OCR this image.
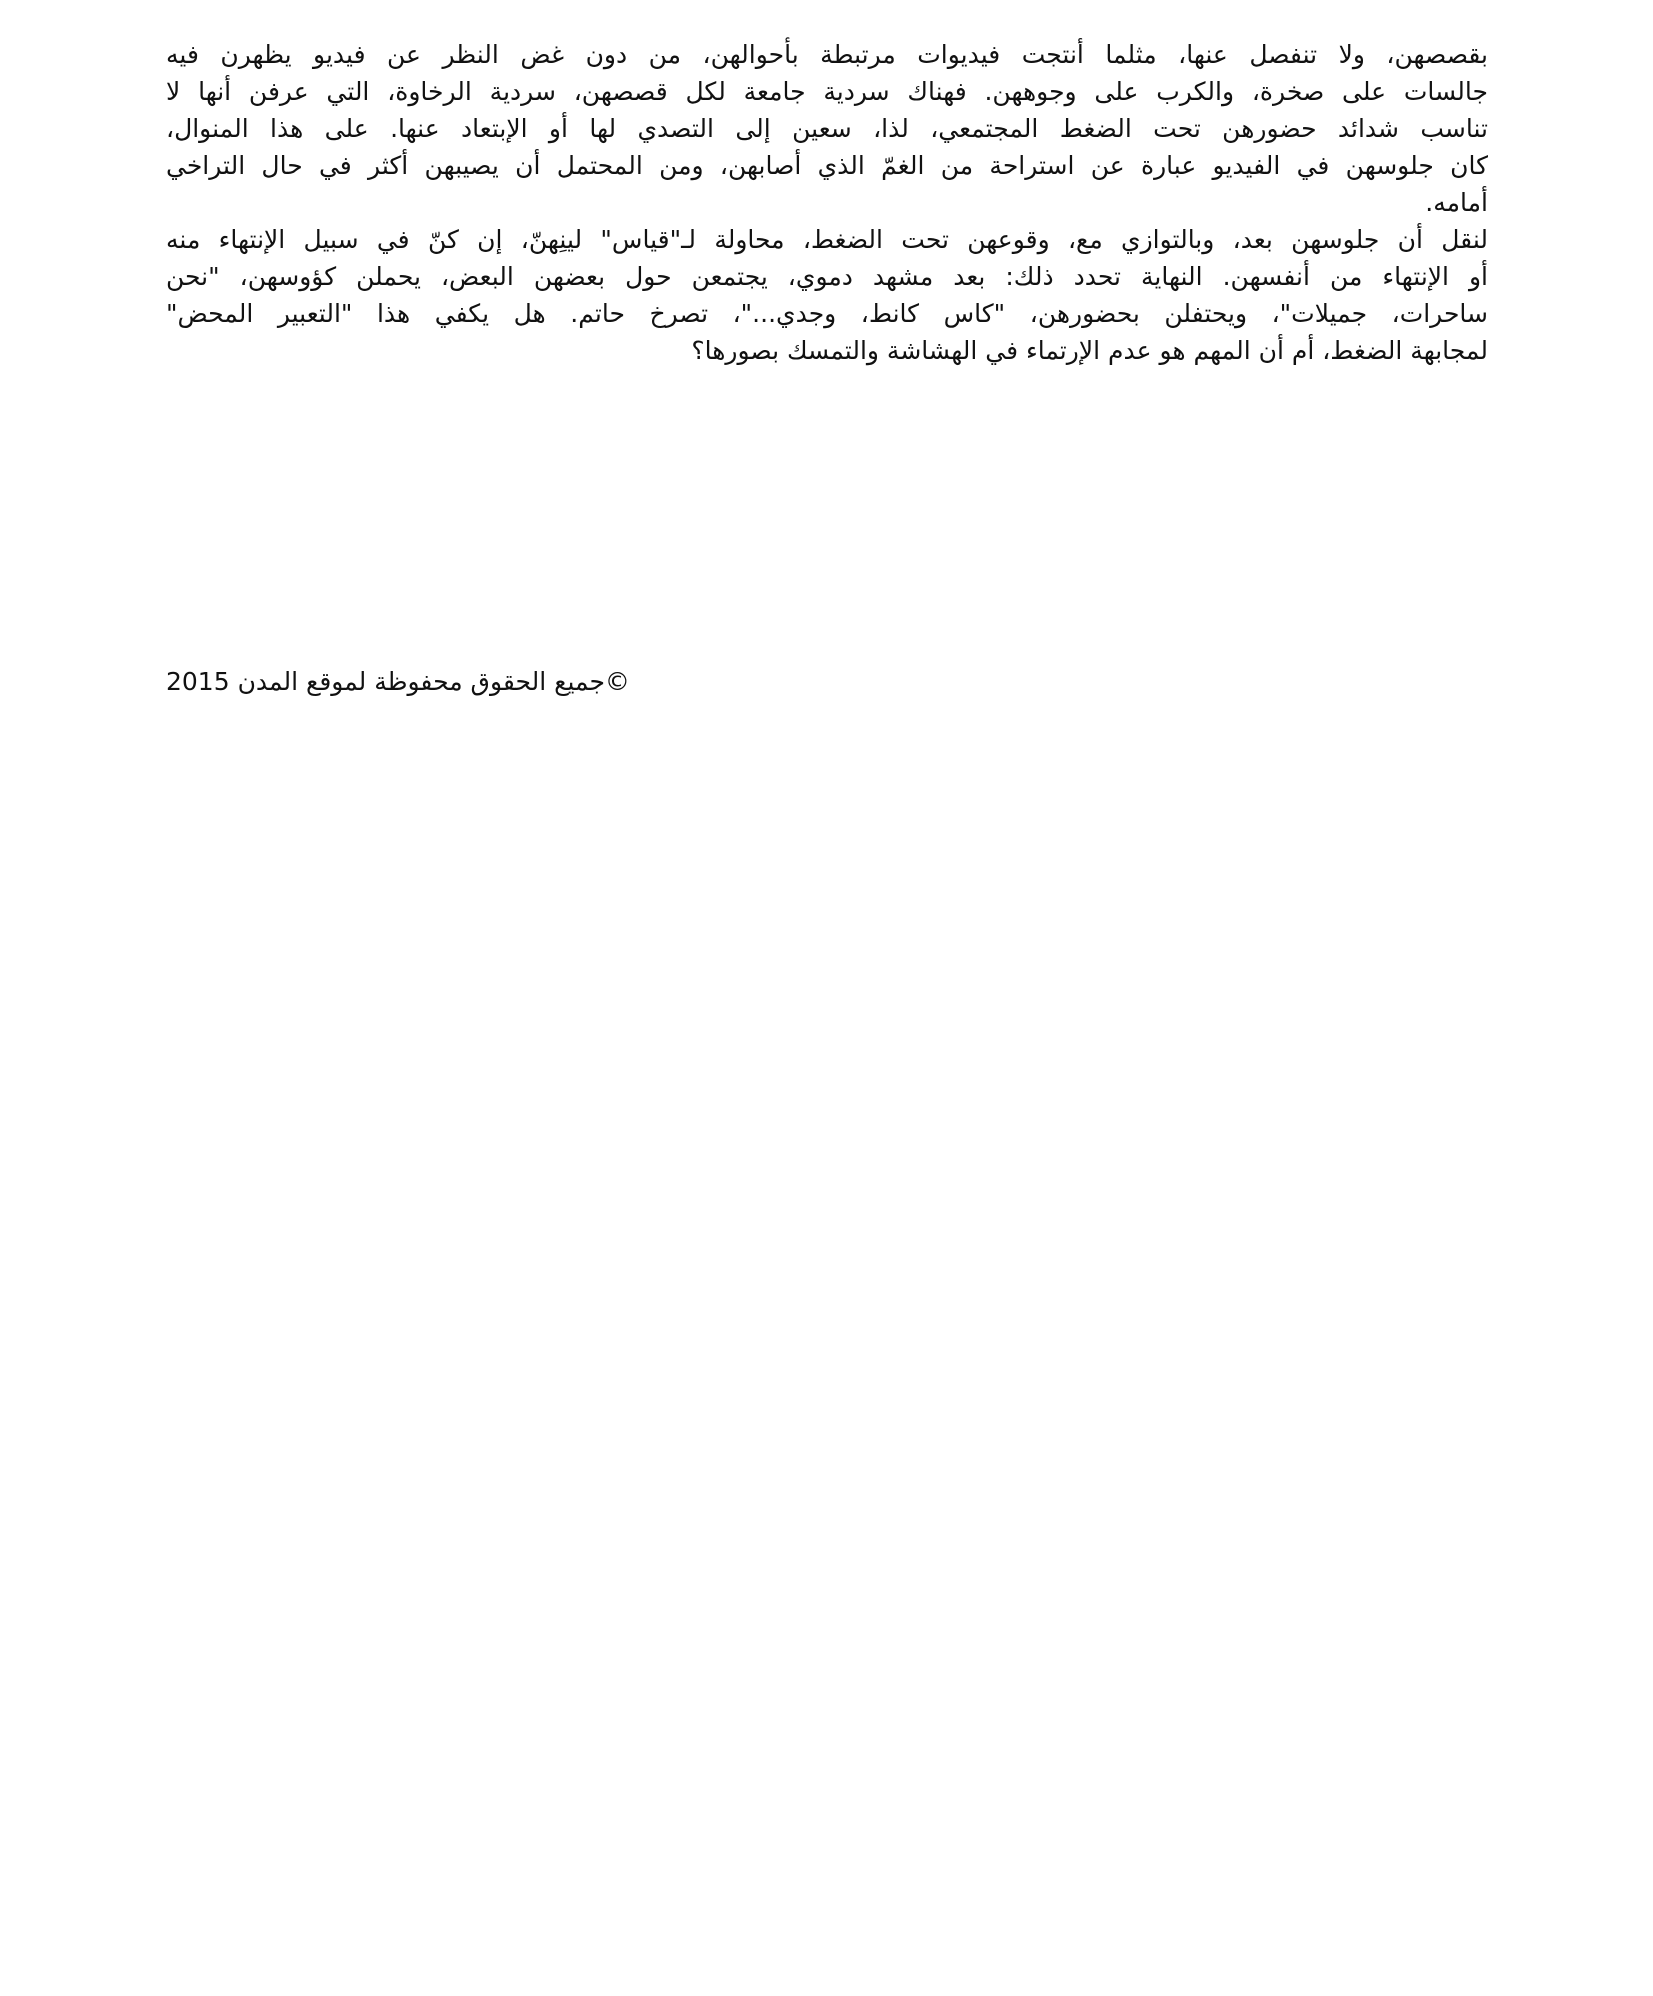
بقصصهن، ولا تنفصل عنها، مثلما أنتجت فيديوات مرتبطة بأحوالهن، من دون غض النظر عن فيديو يظهرن فيه
جالسات على صخرة، والكرب على وجوههن. فهناك سردية جامعة لكل قصصهن، سردية الرخاوة، التي عرفن أنها لا
تناسب شدائد حضورهن تحت الضغط المجتمعي، لذا، سعين إلى التصدي لها أو الإبتعاد عنها. على هذا المنوال،
كان جلوسهن في الفيديو عبارة عن استراحة من الغمّ الذي أصابهن، ومن المحتمل أن يصيبهن أكثر في حال التراخي
أمامه.
لنقل أن جلوسهن بعد، وبالتوازي مع، وقوعهن تحت الضغط، محاولة لـ"قياس" لينِهنّ، إن كنّ في سبيل الإنتهاء منه
أو الإنتهاء من أنفسهن. النهاية تحدد ذلك: بعد مشهد دموي، يجتمعن حول بعضهن البعض، يحملن كؤوسهن، "نحن
ساحرات، جميلات"، ويحتفلن بحضورهن، "كاس كانط، وجدي..."، تصرخ حاتم. هل يكفي هذا "التعبير المحض"
لمجابهة الضغط، أم أن المهم هو عدم الإرتماء في الهشاشة والتمسك بصورها؟
©جميع الحقوق محفوظة لموقع المدن 2015
